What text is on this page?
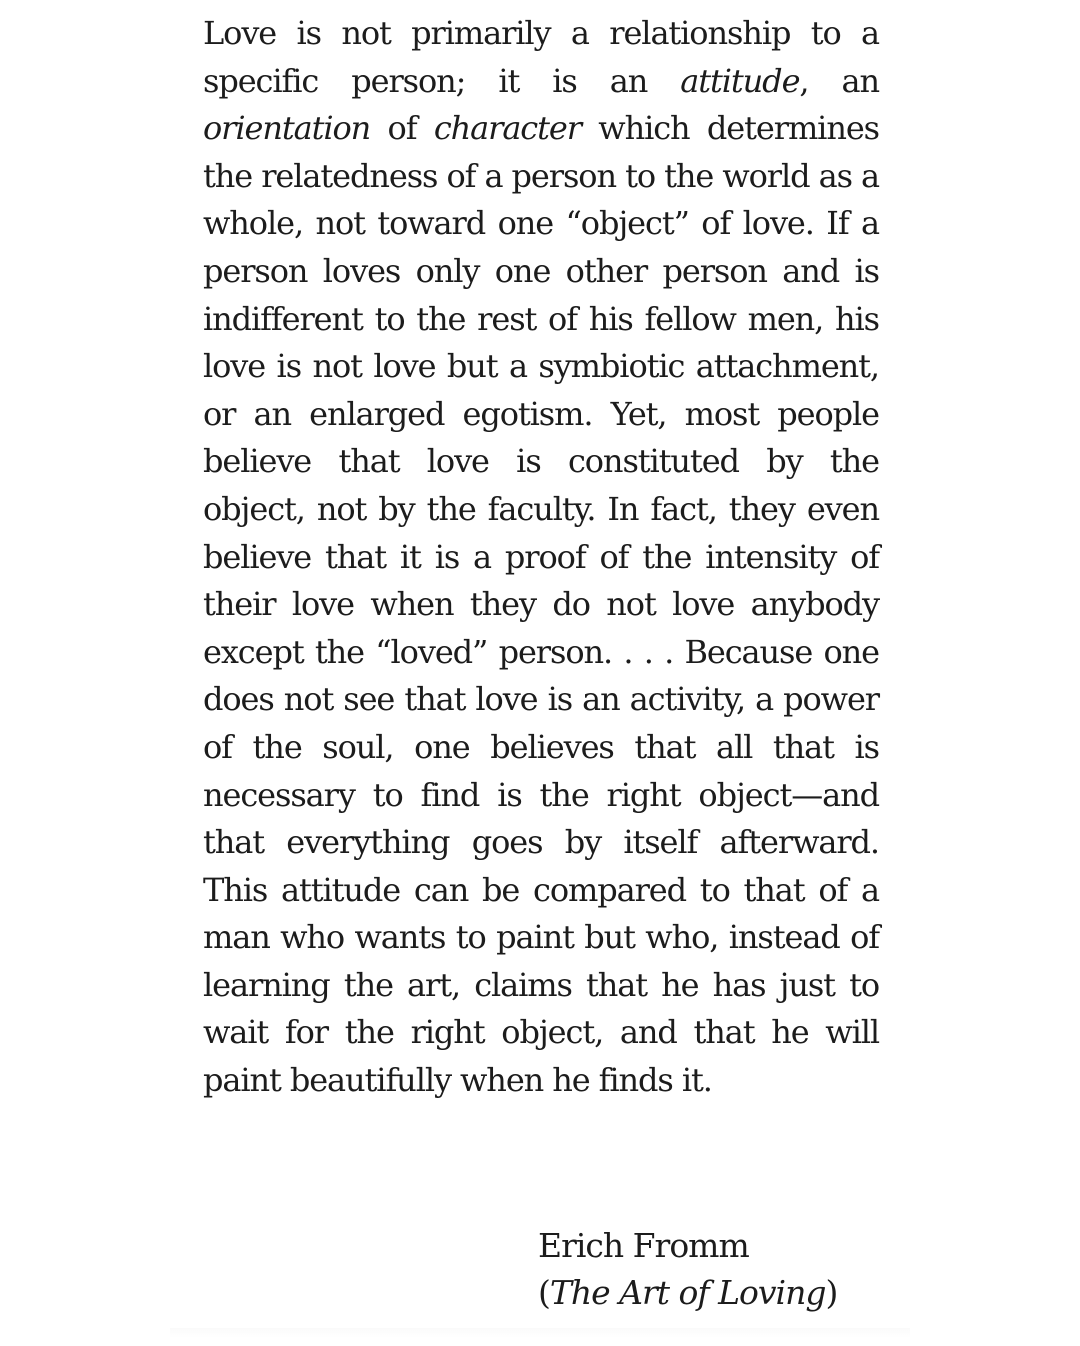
Love is not primarily a relationship to a specific person; it is an attitude, an orientation of character which determines the relatedness of a person to the world as a whole, not toward one “object” of love. If a person loves only one other person and is indifferent to the rest of his fellow men, his love is not love but a symbiotic attachment, or an enlarged egotism. Yet, most people believe that love is constituted by the object, not by the faculty. In fact, they even believe that it is a proof of the intensity of their love when they do not love anybody except the “loved” person. . . . Because one does not see that love is an activity, a power of the soul, one believes that all that is necessary to find is the right object—and that everything goes by itself afterward. This attitude can be compared to that of a man who wants to paint but who, instead of learning the art, claims that he has just to wait for the right object, and that he will paint beautifully when he finds it.

Erich Fromm
(The Art of Loving)
